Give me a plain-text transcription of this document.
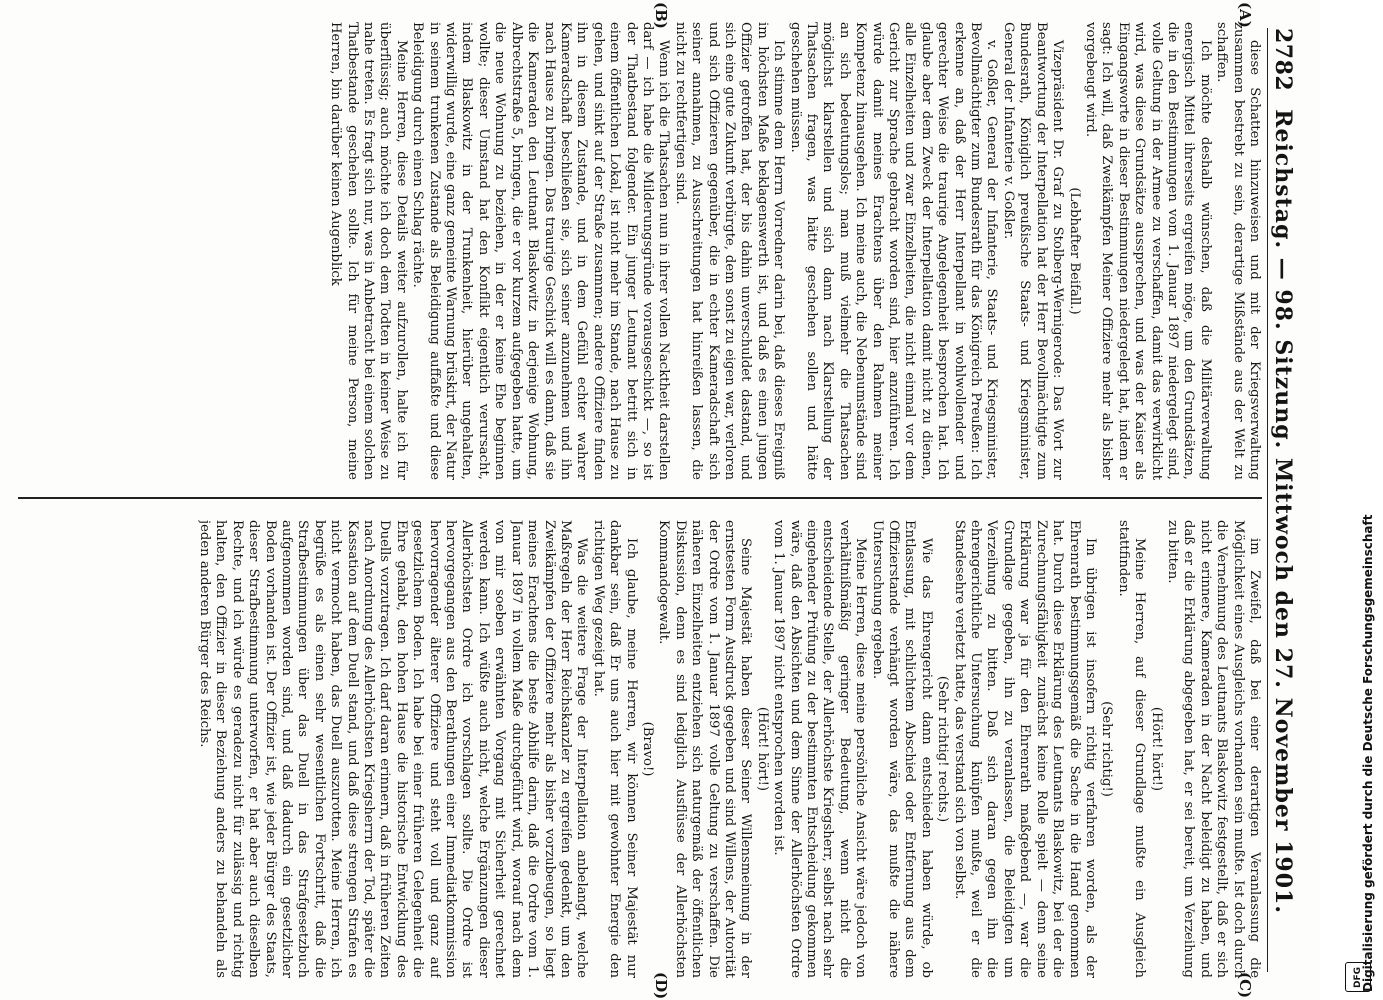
2782
Reichstag. — 98. Sitzung. Mittwoch den 27. November 1901.
(A)
(B)
(C)
(D)

diese Schatten hinzuweisen und mit der Kriegsverwaltung zusammen bestrebt zu sein, derartige Mißstände aus der Welt zu schaffen.

Ich möchte deshalb wünschen, daß die Militärverwaltung energisch Mittel ihrerseits ergreifen möge, um den Grundsätzen, die in den Bestimmungen vom 1. Januar 1897 niedergelegt sind, volle Geltung in der Armee zu verschaffen, damit das verwirklicht wird, was diese Grundsätze aussprechen, und was der Kaiser als Eingangsworte in dieser Bestimmungen niedergelegt hat, indem er sagt: Ich will, daß Zweikämpfen Meiner Offiziere mehr als bisher vorgebeugt wird.

(Lebhafter Beifall.)

Vizepräsident Dr. Graf zu Stolberg-Wernigerode: Das Wort zur Beantwortung der Interpellation hat der Herr Bevollmächtigte zum Bundesrath, Königlich preußische Staats- und Kriegsminister, General der Infanterie v. Goßler.

v. Goßler, General der Infanterie, Staats- und Kriegsminister, Bevollmächtigter zum Bundesrath für das Königreich Preußen: Ich erkenne an, daß der Herr Interpellant in wohlwollender und gerechter Weise die traurige Angelegenheit besprochen hat. Ich glaube aber dem Zweck der Interpellation damit nicht zu dienen, alle Einzelheiten und zwar Einzelheiten, die nicht einmal vor dem Gericht zur Sprache gebracht worden sind, hier anzuführen. Ich würde damit meines Erachtens über den Rahmen meiner Kompetenz hinausgehen. Ich meine auch, die Nebenumstände sind an sich bedeutungslos; man muß vielmehr die Thatsachen möglichst klarstellen und sich dann nach Klarstellung der Thatsachen fragen, was hätte geschehen sollen und hätte geschehen müssen.

Ich stimme dem Herrn Vorredner darin bei, daß dieses Ereigniß im höchsten Maße beklagenswerth ist, und daß es einen jungen Offizier getroffen hat, der bis dahin unverschuldet dastand, und sich eine gute Zukunft verbürgte, dem sonst zu eigen war, verloren und sich Offizieren gegenüber, die in echter Kameradschaft sich seiner annahmen, zu Ausschreitungen hat hinreißen lassen, die nicht zu rechtfertigen sind.

Wenn ich die Thatsachen nun in ihrer vollen Nacktheit darstellen darf — ich habe die Milderungsgründe vorausgeschickt —, so ist der Thatbestand folgender. Ein junger Leutnant betritt sich in einem öffentlichen Lokal, ist nicht mehr im Stande, nach Hause zu gehen, und sinkt auf der Straße zusammen; andere Offiziere finden ihn in diesem Zustande, und in dem Gefühl echter wahrer Kameradschaft beschließen sie, sich seiner anzunehmen und ihn nach Hause zu bringen. Das traurige Geschick will es dann, daß sie die Kameraden den Leutnant Blaskowitz in derjenige Wohnung, Albrechtstraße 5, bringen, die er vor kurzem aufgegeben hatte, um die neue Wohnung zu beziehen, in der er keine Ehe beginnen wollte; dieser Umstand hat den Konflikt eigentlich verursacht, indem Blaskowitz in der Trunkenheit, hierüber ungehalten, widerwillig wurde, eine ganz gemeinte Warnung brüskirt, der Natur in seinem trunkenen Zustande als Beleidigung auffaßte und diese Beleidigung durch einen Schlag rächte.

Meine Herren, diese Details weiter aufzurollen, halte ich für überflüssig; auch möchte ich doch dem Todten in keiner Weise zu nahe treten. Es fragt sich nur, was in Anbetracht bei einem solchen Thatbestande geschehen sollte. Ich für meine Person, meine Herren, bin darüber keinen Augenblick

im Zweifel, daß bei einer derartigen Veranlassung die Möglichkeit eines Ausgleichs vorhanden sein mußte. Ist doch durch die Vernehmung des Leutnants Blaskowitz festgestellt, daß er sich nicht erinnere, Kameraden in der Nacht beleidigt zu haben, und daß er die Erklärung abgegeben hat, er sei bereit, um Verzeihung zu bitten.

(Hört! hört!)

Meine Herren, auf dieser Grundlage mußte ein Ausgleich stattfinden.

(Sehr richtig!)

Im übrigen ist insofern richtig verfahren worden, als der Ehrenrath bestimmungsgemäß die Sache in die Hand genommen hat. Durch diese Erklärung des Leutnants Blaskowitz, bei der die Zurechnungsfähigkeit zunächst keine Rolle spielt — denn seine Erklärung war ja für den Ehrenrath maßgebend —, war die Grundlage gegeben, ihn zu veranlassen, die Beleidigten um Verzeihung zu bitten. Daß sich daran gegen ihn die ehrengerichtliche Untersuchung knüpfen mußte, weil er die Standesehre verletzt hatte, das verstand sich von selbst.

(Sehr richtig! rechts.)

Wie das Ehrengericht dann entschieden haben würde, ob Entlassung, mit schlichtem Abschied oder Entfernung aus dem Offizierstande verhängt worden wäre, das mußte die nähere Untersuchung ergeben.

Meine Herren, diese meine persönliche Ansicht wäre jedoch von verhältnißmäßig geringer Bedeutung, wenn nicht die entscheidende Stelle, der Allerhöchste Kriegsherr, selbst nach sehr eingehender Prüfung zu der bestimmten Entscheidung gekommen wäre, daß den Absichten und dem Sinne der Allerhöchsten Ordre vom 1. Januar 1897 nicht entsprochen worden ist.

(Hört! hört!)

Seine Majestät haben dieser Seiner Willensmeinung in der ernstesten Form Ausdruck gegeben und sind Willens, der Autorität der Ordre vom 1. Januar 1897 volle Geltung zu verschaffen. Die näheren Einzelheiten entziehen sich naturgemäß der öffentlichen Diskussion, denn es sind lediglich Ausflüsse der Allerhöchsten Kommandogewalt.

(Bravo!)

Ich glaube, meine Herren, wir können Seiner Majestät nur dankbar sein, daß Er uns auch hier mit gewohnter Energie den richtigen Weg gezeigt hat.

Was die weitere Frage der Interpellation anbelangt, welche Maßregeln der Herr Reichskanzler zu ergreifen gedenkt, um den Zweikämpfen der Offiziere mehr als bisher vorzubeugen, so liegt meines Erachtens die beste Abhilfe darin, daß die Ordre vom 1. Januar 1897 in vollem Maße durchgeführt wird, worauf nach dem von mir soeben erwähnten Vorgang mit Sicherheit gerechnet werden kann. Ich wüßte auch nicht, welche Ergänzungen dieser Allerhöchsten Ordre ich vorschlagen sollte. Die Ordre ist hervorgegangen aus den Berathungen einer Immediatkommission hervorragender älterer Offiziere und steht voll und ganz auf gesetzlichem Boden. Ich habe bei einer früheren Gelegenheit die Ehre gehabt, den hohen Hause die historische Entwicklung des Duells vorzutragen. Ich darf daran erinnern, daß in früheren Zeiten nach Anordnung des Allerhöchsten Kriegsherrn der Tod, später die Kassation auf dem Duell stand, und daß diese strengen Strafen es nicht vermocht haben, das Duell auszurotten. Meine Herren, ich begrüße es als einen sehr wesentlichen Fortschritt, daß die Strafbestimmungen über das Duell in das Strafgesetzbuch aufgenommen worden sind, und daß dadurch ein gesetzlicher Boden vorhanden ist. Der Offizier ist, wie jeder Bürger des Staats, dieser Strafbestimmung unterworfen, er hat aber auch dieselben Rechte, und ich würde es geradezu nicht für zulässig und richtig halten, den Offizier in dieser Beziehung anders zu behandeln als jeden anderen Bürger des Reichs.	Digitalisierung gefördert durch die Deutsche Forschungsgemeinschaft
DFG
